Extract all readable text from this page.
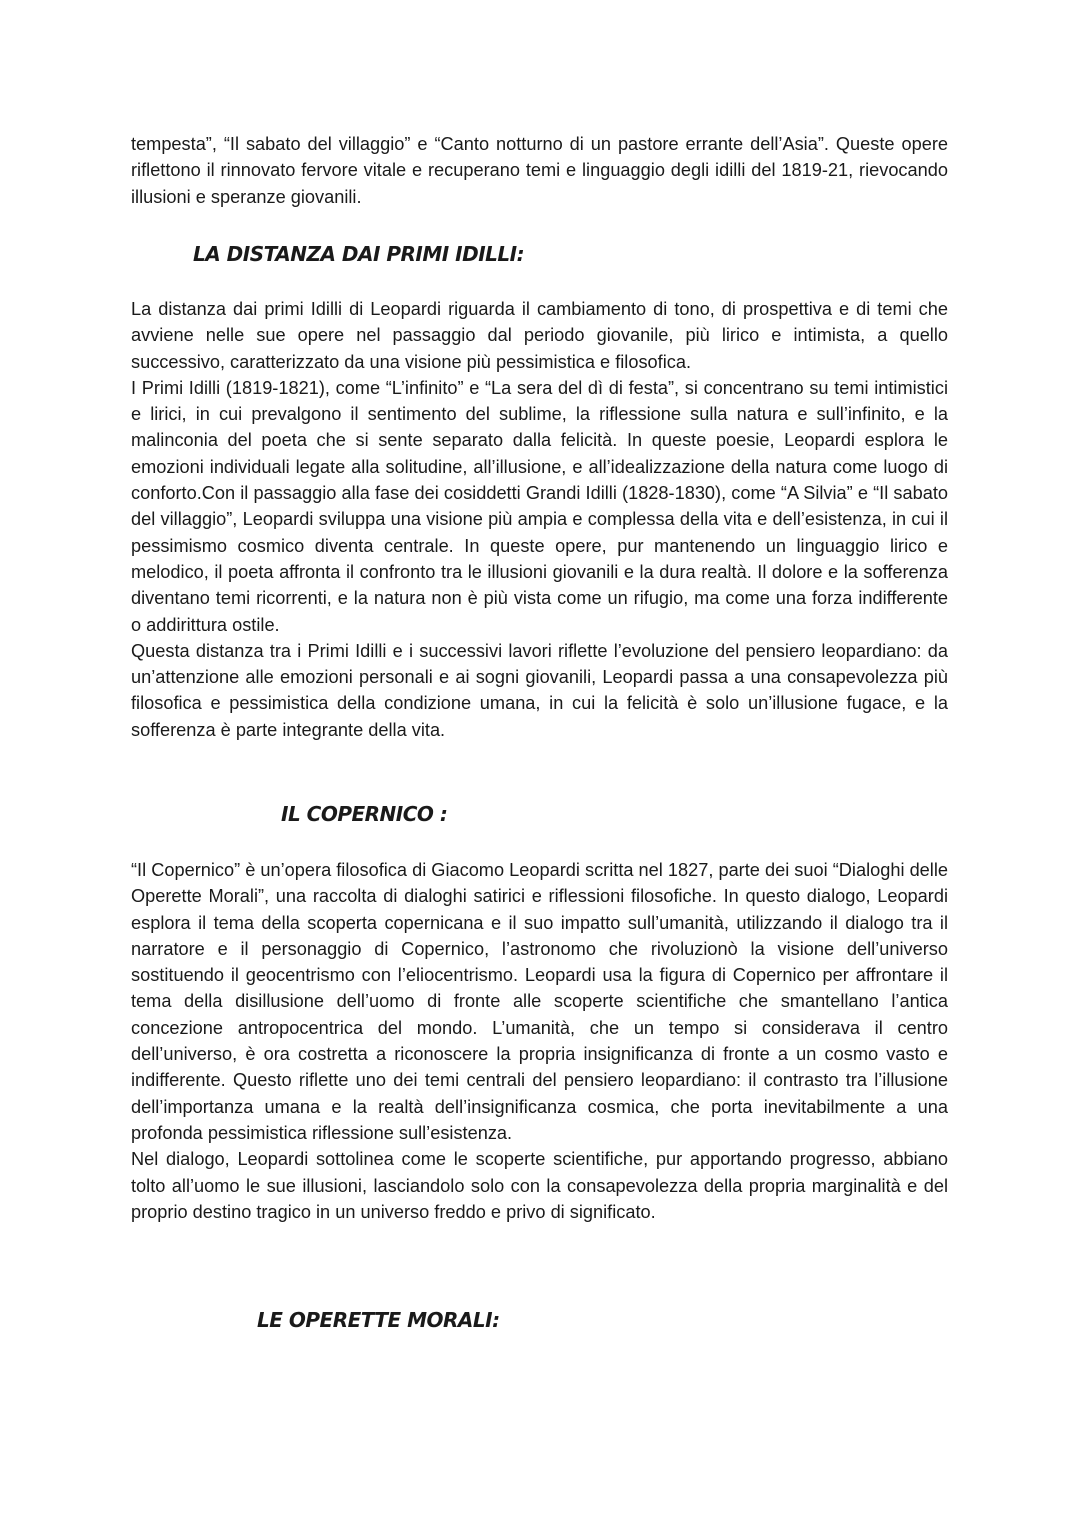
tempesta”, “Il sabato del villaggio” e “Canto notturno di un pastore errante dell’Asia”. Queste opere riflettono il rinnovato fervore vitale e recuperano temi e linguaggio degli idilli del 1819-21, rievocando illusioni e speranze giovanili.

LA DISTANZA DAI PRIMI IDILLI:

La distanza dai primi Idilli di Leopardi riguarda il cambiamento di tono, di prospettiva e di temi che avviene nelle sue opere nel passaggio dal periodo giovanile, più lirico e intimista, a quello successivo, caratterizzato da una visione più pessimistica e filosofica.

I Primi Idilli (1819-1821), come “L’infinito” e “La sera del dì di festa”, si concentrano su temi intimistici e lirici, in cui prevalgono il sentimento del sublime, la riflessione sulla natura e sull’infinito, e la malinconia del poeta che si sente separato dalla felicità. In queste poesie, Leopardi esplora le emozioni individuali legate alla solitudine, all’illusione, e all’idealizzazione della natura come luogo di conforto.Con il passaggio alla fase dei cosiddetti Grandi Idilli (1828-1830), come “A Silvia” e “Il sabato del villaggio”, Leopardi sviluppa una visione più ampia e complessa della vita e dell’esistenza, in cui il pessimismo cosmico diventa centrale. In queste opere, pur mantenendo un linguaggio lirico e melodico, il poeta affronta il confronto tra le illusioni giovanili e la dura realtà. Il dolore e la sofferenza diventano temi ricorrenti, e la natura non è più vista come un rifugio, ma come una forza indifferente o addirittura ostile.

Questa distanza tra i Primi Idilli e i successivi lavori riflette l’evoluzione del pensiero leopardiano: da un’attenzione alle emozioni personali e ai sogni giovanili, Leopardi passa a una consapevolezza più filosofica e pessimistica della condizione umana, in cui la felicità è solo un’illusione fugace, e la sofferenza è parte integrante della vita.

IL COPERNICO :

“Il Copernico” è un’opera filosofica di Giacomo Leopardi scritta nel 1827, parte dei suoi “Dialoghi delle Operette Morali”, una raccolta di dialoghi satirici e riflessioni filosofiche. In questo dialogo, Leopardi esplora il tema della scoperta copernicana e il suo impatto sull’umanità, utilizzando il dialogo tra il narratore e il personaggio di Copernico, l’astronomo che rivoluzionò la visione dell’universo sostituendo il geocentrismo con l’eliocentrismo. Leopardi usa la figura di Copernico per affrontare il tema della disillusione dell’uomo di fronte alle scoperte scientifiche che smantellano l’antica concezione antropocentrica del mondo. L’umanità, che un tempo si considerava il centro dell’universo, è ora costretta a riconoscere la propria insignificanza di fronte a un cosmo vasto e indifferente. Questo riflette uno dei temi centrali del pensiero leopardiano: il contrasto tra l’illusione dell’importanza umana e la realtà dell’insignificanza cosmica, che porta inevitabilmente a una profonda pessimistica riflessione sull’esistenza.

Nel dialogo, Leopardi sottolinea come le scoperte scientifiche, pur apportando progresso, abbiano tolto all’uomo le sue illusioni, lasciandolo solo con la consapevolezza della propria marginalità e del proprio destino tragico in un universo freddo e privo di significato.

LE OPERETTE MORALI:
